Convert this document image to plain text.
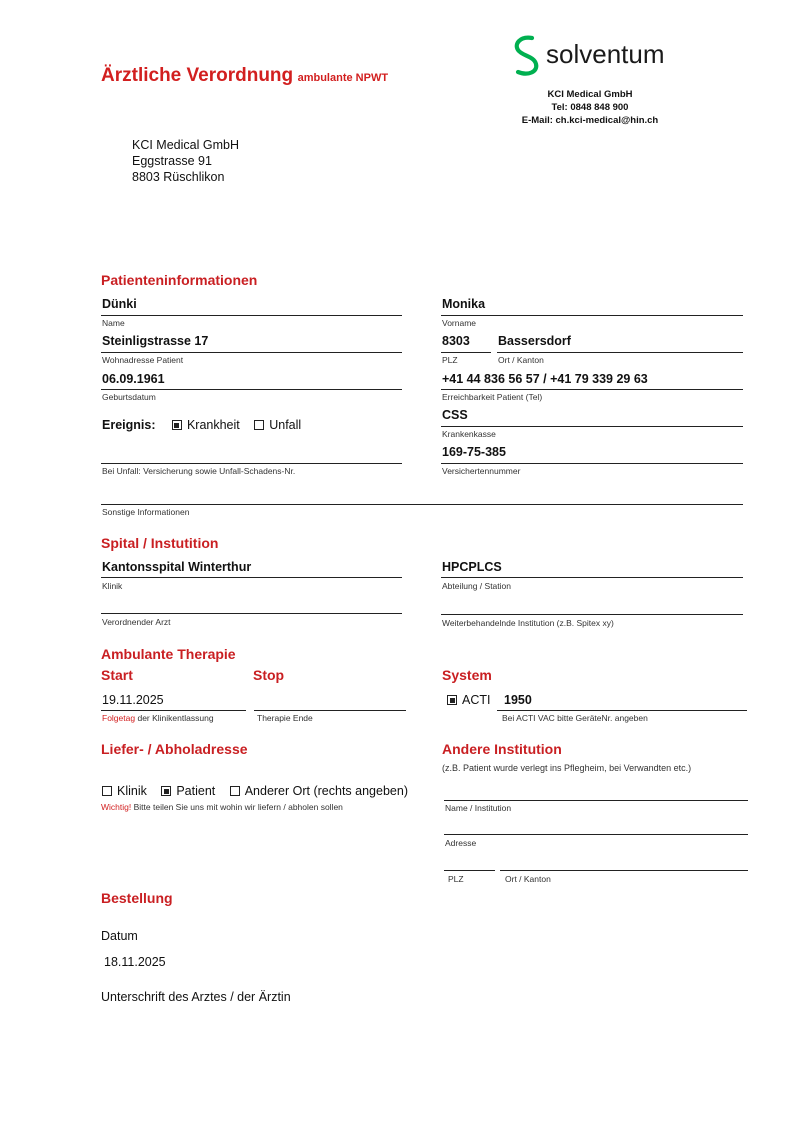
Ärztliche Verordnung ambulante NPWT
solventum
KCI Medical GmbH
Tel: 0848 848 900
E-Mail: ch.kci-medical@hin.ch
KCI Medical GmbH
Eggstrasse 91
8803 Rüschlikon
Patienteninformationen
Dünki
Name
Monika
Vorname
Steinligstrasse 17
Wohnadresse Patient
8303
PLZ
Bassersdorf
Ort / Kanton
06.09.1961
Geburtsdatum
+41 44 836 56 57 / +41 79 339 29 63
Erreichbarkeit Patient (Tel)
Ereignis:	Krankheit Unfall
CSS
Krankenkasse
Bei Unfall: Versicherung sowie Unfall-Schadens-Nr.
169-75-385
Versichertennummer
Sonstige Informationen
Spital / Instutition
Kantonsspital Winterthur
Klinik
HPCPLCS
Abteilung / Station
Verordnender Arzt	Weiterbehandelnde Institution (z.B. Spitex xy)
Ambulante Therapie
Start	Stop	System
19.11.2025
Folgetag der Klinikentlassung	Therapie Ende
ACTI 1950
Bei ACTI VAC bitte GeräteNr. angeben
Liefer- / Abholadresse
Klinik Patient Anderer Ort (rechts angeben)
Wichtig! Bitte teilen Sie uns mit wohin wir liefern / abholen sollen
Andere Institution
(z.B. Patient wurde verlegt ins Pflegheim, bei Verwandten etc.)
Name / Institution
Adresse
PLZ	Ort / Kanton
Bestellung
Datum
18.11.2025
Unterschrift des Arztes / der Ärztin
